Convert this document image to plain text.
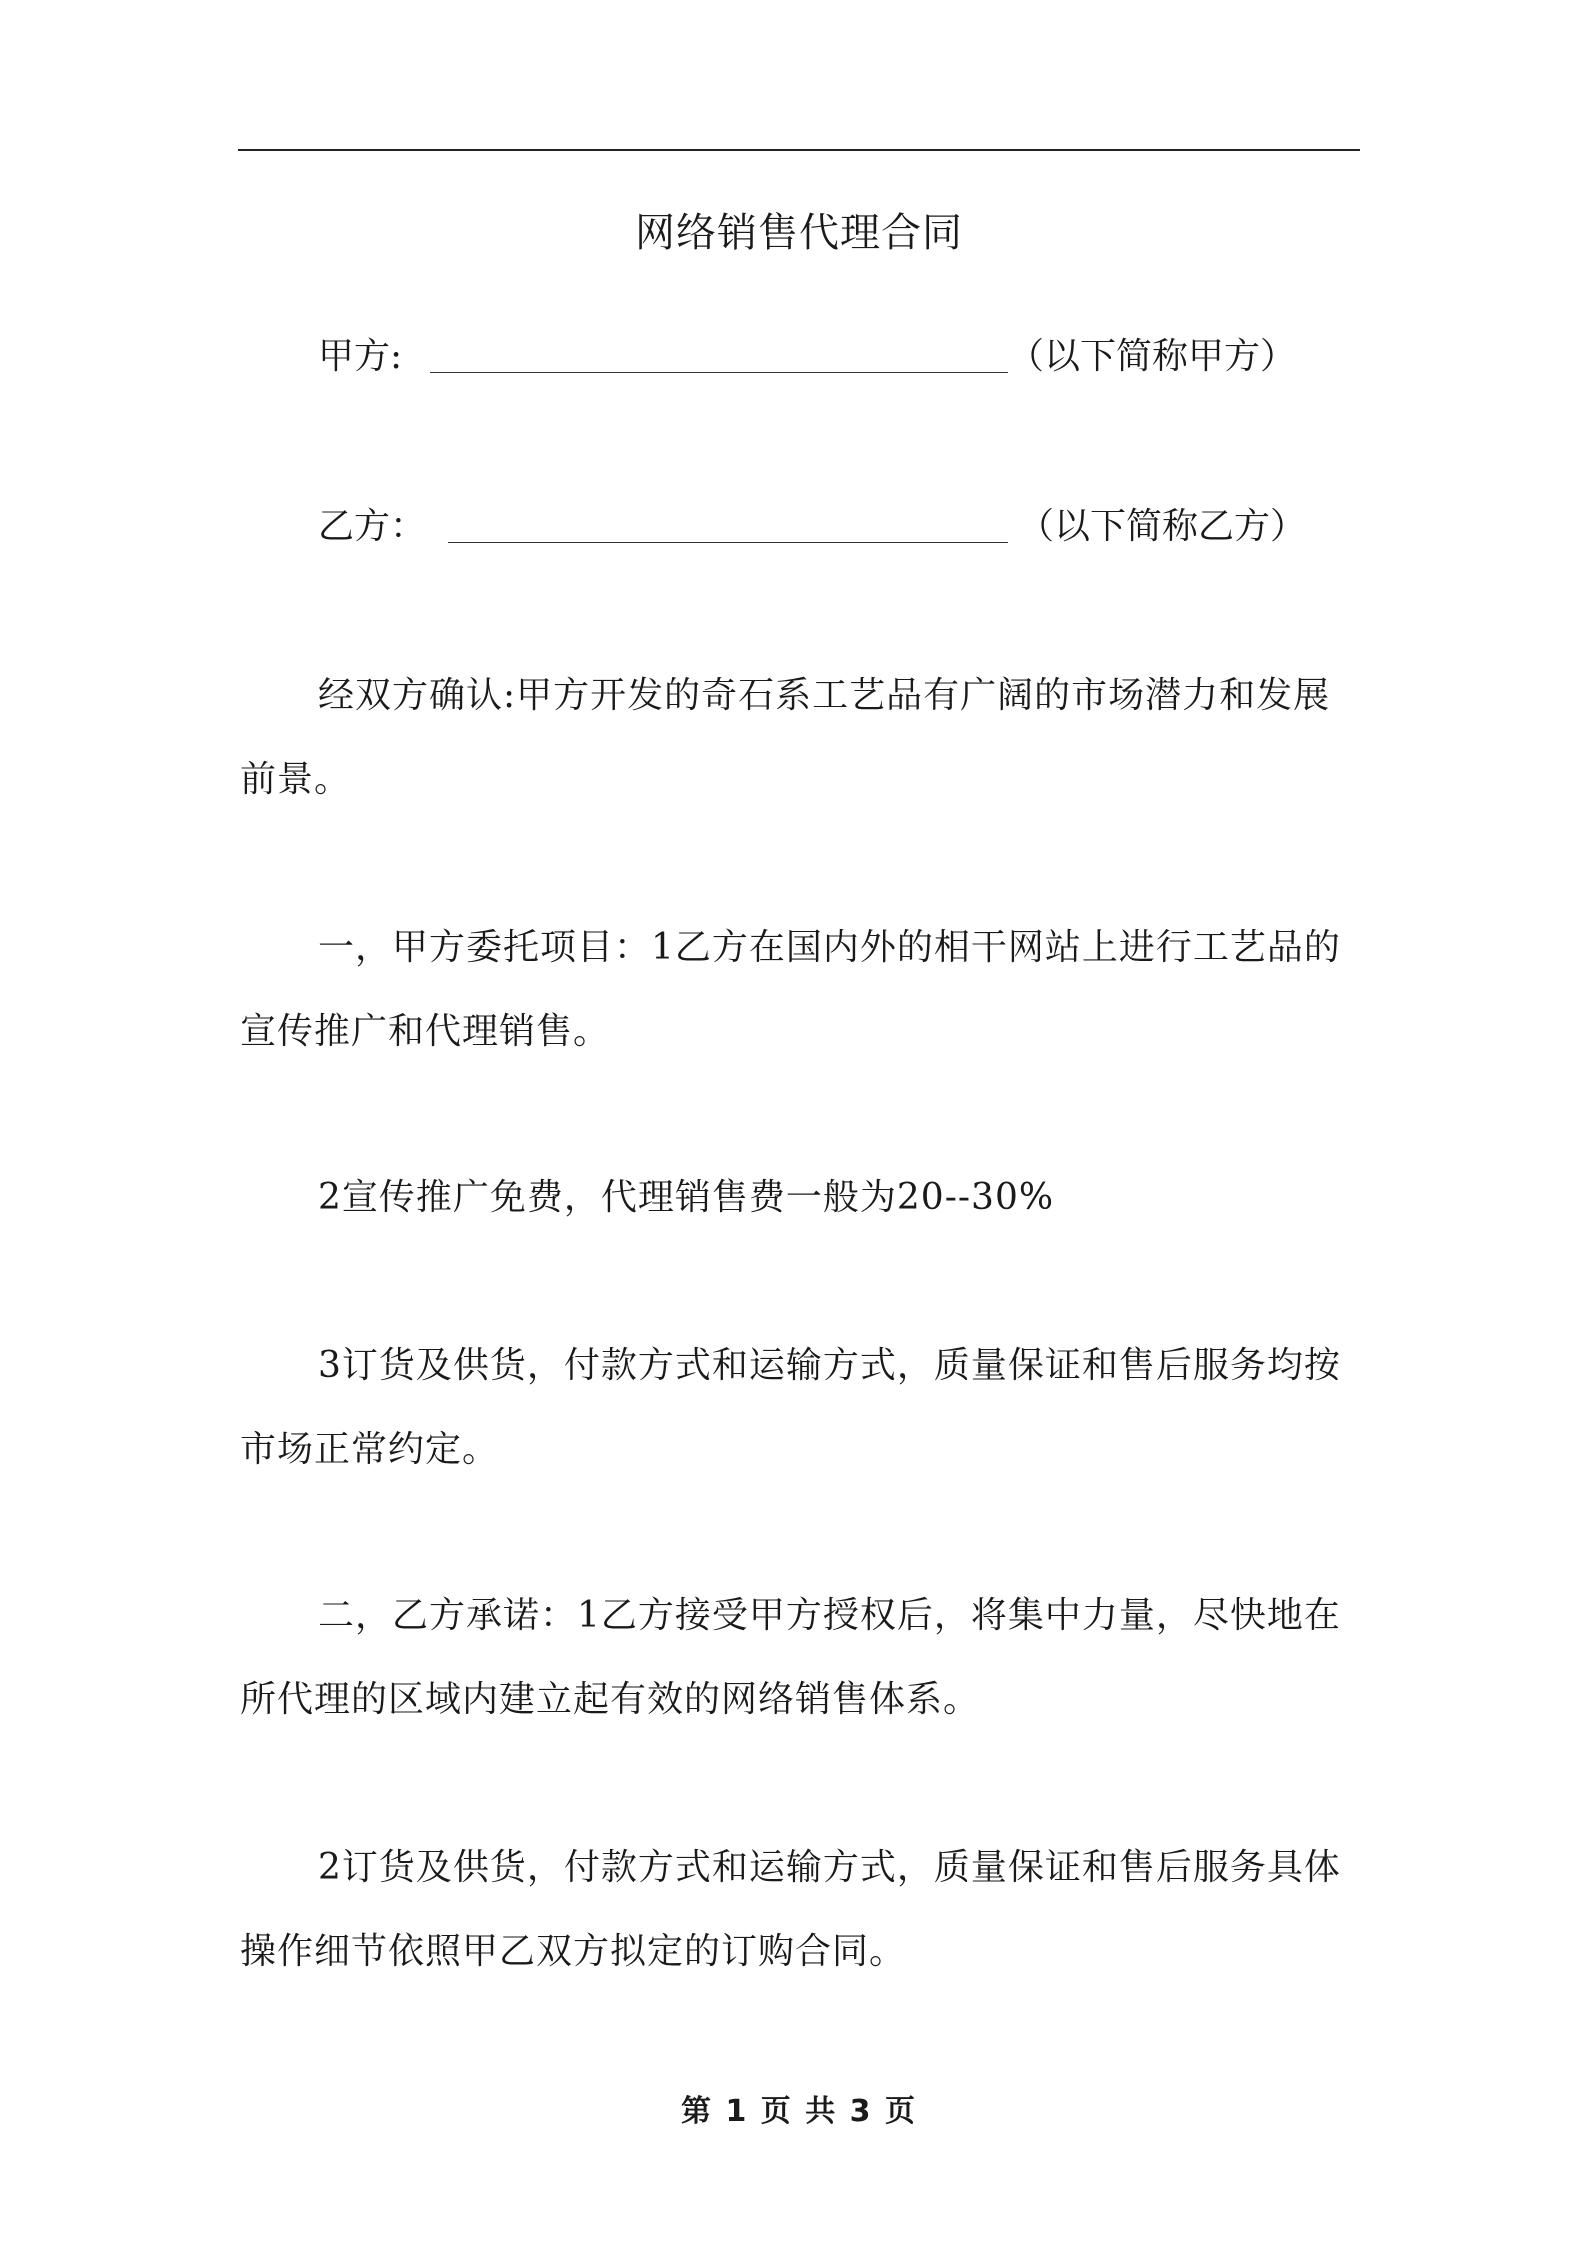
网络销售代理合同
甲方:	（以下简称甲方）
乙方：	（以下简称乙方）
经双方确认:甲方开发的奇石系工艺品有广阔的市场潜力和发展前景。
一，甲方委托项目：1乙方在国内外的相干网站上进行工艺品的宣传推广和代理销售。
2宣传推广免费，代理销售费一般为20--30%
3订货及供货，付款方式和运输方式，质量保证和售后服务均按市场正常约定。
二，乙方承诺：1乙方接受甲方授权后，将集中力量，尽快地在所代理的区域内建立起有效的网络销售体系。
2订货及供货，付款方式和运输方式，质量保证和售后服务具体操作细节依照甲乙双方拟定的订购合同。
第 1 页 共 3 页
